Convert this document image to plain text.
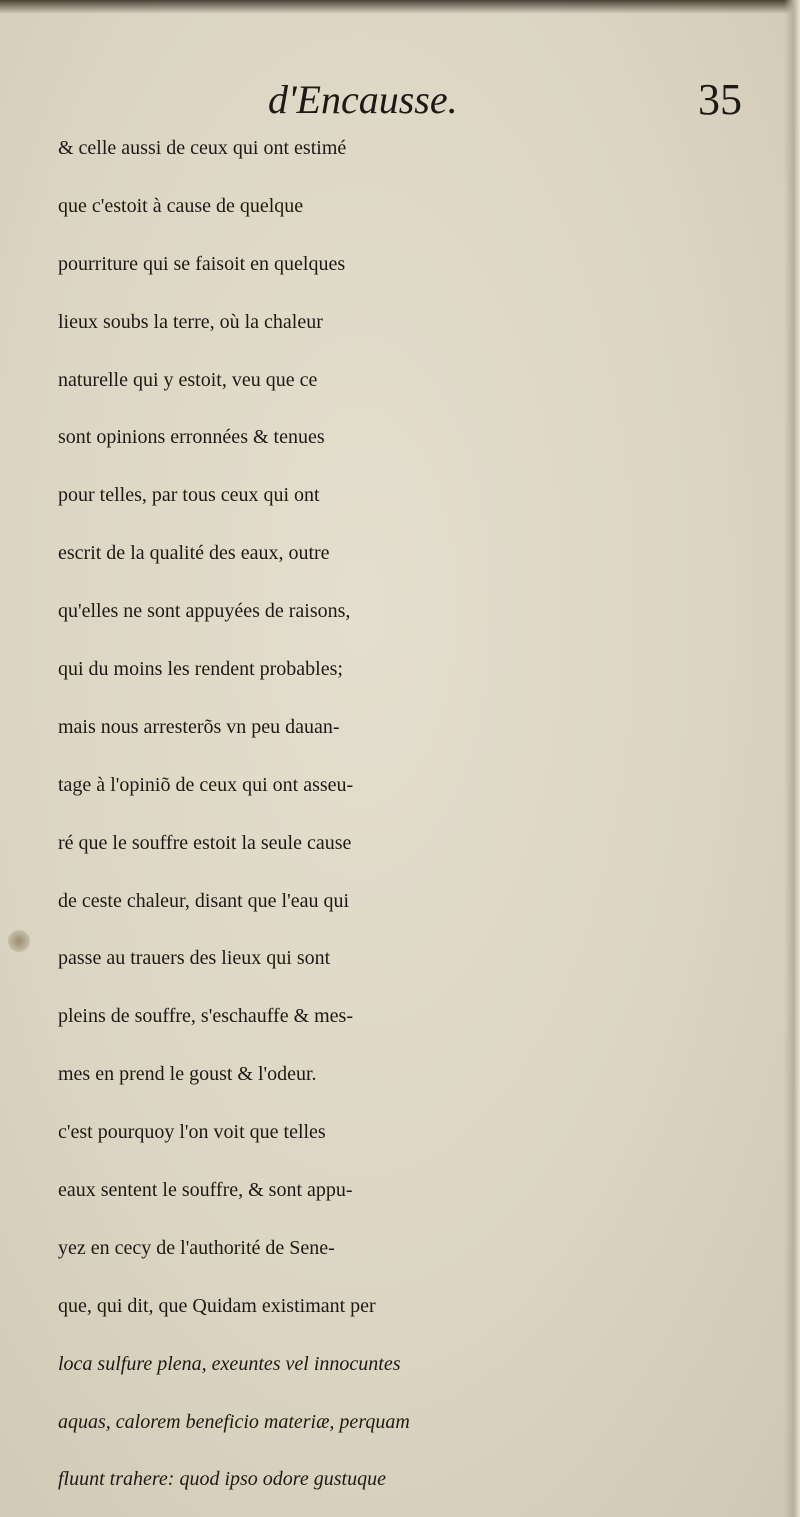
d'Encausse.	35
& celle aussi de ceux qui ont estimé
que c'estoit à cause de quelque
pourriture qui se faisoit en quelques
lieux soubs la terre, où la chaleur
naturelle qui y estoit, veu que ce
sont opinions erronnées & tenues
pour telles, par tous ceux qui ont
escrit de la qualité des eaux, outre
qu'elles ne sont appuyées de raisons,
qui du moins les rendent probables;
mais nous arresterõs vn peu dauan-
tage à l'opiniõ de ceux qui ont asseu-
ré que le souffre estoit la seule cause
de ceste chaleur, disant que l'eau qui
passe au trauers des lieux qui sont
pleins de souffre, s'eschauffe & mes-
mes en prend le goust & l'odeur.
c'est pourquoy l'on voit que telles
eaux sentent le souffre, & sont appu-
yez en cecy de l'authorité de Sene-
que, qui dit, que Quidam existimant per
loca sulfure plena, exeuntes vel innocuntes
aquas, calorem beneficio materiæ, perquam
fluunt trahere: quod ipso odore gustuque
